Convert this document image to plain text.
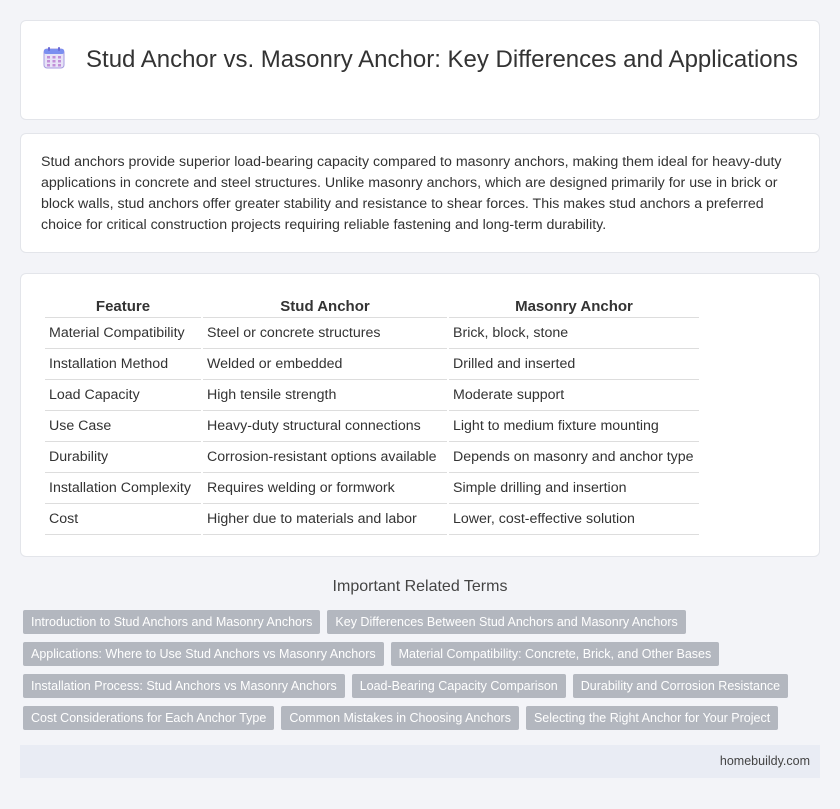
Stud Anchor vs. Masonry Anchor: Key Differences and Applications

Stud anchors provide superior load-bearing capacity compared to masonry anchors, making them ideal for heavy-duty applications in concrete and steel structures. Unlike masonry anchors, which are designed primarily for use in brick or block walls, stud anchors offer greater stability and resistance to shear forces. This makes stud anchors a preferred choice for critical construction projects requiring reliable fastening and long-term durability.

Feature	Stud Anchor	Masonry Anchor
Material Compatibility	Steel or concrete structures	Brick, block, stone
Installation Method	Welded or embedded	Drilled and inserted
Load Capacity	High tensile strength	Moderate support
Use Case	Heavy-duty structural connections	Light to medium fixture mounting
Durability	Corrosion-resistant options available	Depends on masonry and anchor type
Installation Complexity	Requires welding or formwork	Simple drilling and insertion
Cost	Higher due to materials and labor	Lower, cost-effective solution
Important Related Terms
Introduction to Stud Anchors and Masonry Anchors	Key Differences Between Stud Anchors and Masonry Anchors
Applications: Where to Use Stud Anchors vs Masonry Anchors	Material Compatibility: Concrete, Brick, and Other Bases
Installation Process: Stud Anchors vs Masonry Anchors	Load-Bearing Capacity Comparison	Durability and Corrosion Resistance
Cost Considerations for Each Anchor Type	Common Mistakes in Choosing Anchors	Selecting the Right Anchor for Your Project
homebuildy.com
